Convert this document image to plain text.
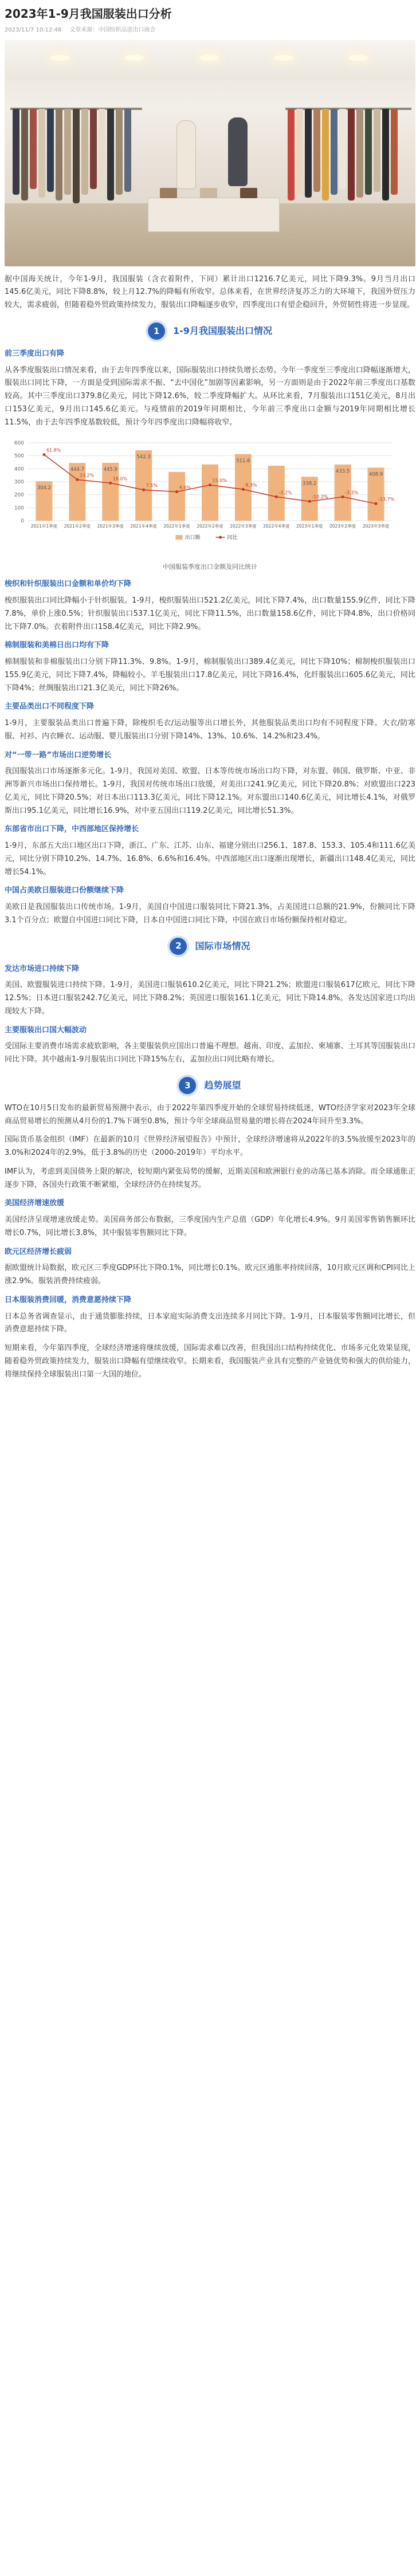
2023年1-9月我国服装出口分析
2023/11/7 10:12:48 文章来源：中国纺织品进出口商会

据中国海关统计，今年1-9月，我国服装（含衣着附件，下同）累计出口1216.7亿美元，同比下降9.3%。9月当月出口145.6亿美元，同比下降8.8%，较上月12.7%的降幅有所收窄。总体来看，在世界经济复苏乏力的大环境下，我国外贸压力较大，需求疲弱，但随着稳外贸政策持续发力，服装出口降幅逐步收窄，四季度出口有望企稳回升，外贸韧性将进一步显现。

1	1-9月我国服装出口情况
前三季度出口有降

从各季度服装出口情况来看，由于去年四季度以来，国际服装出口持续负增长态势。今年一季度至三季度出口降幅逐渐增大，服装出口同比下降，一方面是受到国际需求不振、“去中国化”加剧等因素影响，另一方面则是由于2022年前三季度出口基数较高。其中三季度出口379.8亿美元，同比下降12.6%，较二季度降幅扩大。从环比来看，7月服装出口151亿美元，8月出口153亿美元，9月出口145.6亿美元。与疫情前的2019年同期相比，今年前三季度出口金额与2019年同期相比增长11.5%，由于去年四季度基数较低，预计今年四季度出口降幅将收窄。

0
100
200
300
400
500
600
304.2
2021年1季度
444.7
2021年2季度
445.9
2021年3季度
542.3
2021年4季度 2022年1季度 2022年2季度
511.6
2022年3季度 2022年4季度
338.2
2023年1季度
433.5
2023年2季度
408.9
2023年3季度
61.8%
23.2%
18.0%
7.5%	4.6%
15.0%
8.3%
-3.2%
-10.2%
-3.3%
-13.7%
出口额	同比
中国服装季度出口金额及同比统计
梭织和针织服装出口金额和单价均下降

梭织服装出口同比降幅小于针织服装。1-9月，梭织服装出口521.2亿美元，同比下降7.4%，出口数量155.9亿件，同比下降7.8%，单价上涨0.5%；针织服装出口537.1亿美元，同比下降11.5%，出口数量158.6亿件，同比下降4.8%，出口价格同比下降7.0%。衣着附件出口158.4亿美元，同比下降2.9%。

棉制服装和美棉日出口均有下降

棉制服装和非棉服装出口分别下降11.3%、9.8%。1-9月，棉制服装出口389.4亿美元，同比下降10%；棉制梭织服装出口155.9亿美元，同比下降7.4%，降幅较小。羊毛服装出口17.8亿美元，同比下降16.4%，化纤服装出口605.6亿美元，同比下降4%；丝绸服装出口21.3亿美元，同比下降26%。

主要品类出口不同程度下降

1-9月，主要服装品类出口普遍下降，除梭织毛衣/运动服等出口增长外，其他服装品类出口均有不同程度下降。大衣/防寒服、衬衫、内衣睡衣、运动服、婴儿服装出口分别下降14%、13%、10.6%、14.2%和23.4%。

对“一带一路”市场出口逆势增长

我国服装出口市场逐渐多元化。1-9月，我国对美国、欧盟、日本等传统市场出口均下降，对东盟、韩国、俄罗斯、中亚、非洲等新兴市场出口保持增长。1-9月，我国对传统市场出口放缓，对美出口241.9亿美元，同比下降20.8%；对欧盟出口223亿美元，同比下降20.5%；对日本出口113.3亿美元，同比下降12.1%。对东盟出口140.6亿美元，同比增长4.1%，对俄罗斯出口95.1亿美元，同比增长16.9%，对中亚五国出口119.2亿美元，同比增长51.3%。

东部省市出口下降，中西部地区保持增长

1-9月，东部五大出口地区出口下降，浙江、广东、江苏、山东、福建分别出口256.1、187.8、153.3、105.4和111.6亿美元，同比分别下降10.2%、14.7%、16.8%、6.6%和16.4%。中西部地区出口逐渐出现增长，新疆出口148.4亿美元，同比增长54.1%。

中国占美欧日服装进口份额继续下降

美欧日是我国服装出口传统市场。1-9月，美国自中国进口服装同比下降21.3%，占美国进口总额的21.9%，份额同比下降3.1个百分点；欧盟自中国进口同比下降，日本自中国进口同比下降，中国在欧日市场份额保持相对稳定。

2	国际市场情况
发达市场进口持续下降

美国、欧盟服装进口持续下降。1-9月，美国进口服装610.2亿美元，同比下降21.2%；欧盟进口服装617亿欧元，同比下降12.5%；日本进口服装242.7亿美元，同比下降8.2%；英国进口服装161.1亿美元，同比下降14.8%。各发达国家进口均出现较大下降。

主要服装出口国大幅波动

受国际主要消费市场需求疲软影响，各主要服装供应国出口普遍不理想。越南、印度、孟加拉、柬埔寨、土耳其等国服装出口同比下降。其中越南1-9月服装出口同比下降15%左右，孟加拉出口同比略有增长。

3	趋势展望

WTO在10月5日发布的最新贸易预测中表示，由于2022年第四季度开始的全球贸易持续低迷，WTO经济学家对2023年全球商品贸易增长的预测从4月份的1.7%下调至0.8%，预计今年全球商品贸易量的增长将在2024年回升至3.3%。

国际货币基金组织（IMF）在最新的10月《世界经济展望报告》中预计，全球经济增速将从2022年的3.5%放缓至2023年的3.0%和2024年的2.9%，低于3.8%的历史（2000-2019年）平均水平。

IMF认为，考虑到美国债务上限的解决，较短期内紧张局势的缓解，近期美国和欧洲银行业的动荡已基本消除。而全球通胀正逐步下降，各国央行政策不断紧缩，全球经济仍在持续复苏。

美国经济增速放缓

美国经济呈现增速放缓走势。美国商务部公布数据，三季度国内生产总值（GDP）年化增长4.9%。9月美国零售销售额环比增长0.7%，同比增长3.8%，其中服装零售额同比下降。

欧元区经济增长疲弱

据欧盟统计局数据，欧元区三季度GDP环比下降0.1%，同比增长0.1%。欧元区通胀率持续回落，10月欧元区调和CPI同比上涨2.9%。服装消费持续疲弱。

日本服装消费回暖，消费意愿持续下降

日本总务省调查显示，由于通货膨胀持续，日本家庭实际消费支出连续多月同比下降。1-9月，日本服装零售额同比增长，但消费意愿持续下降。

短期来看，今年第四季度，全球经济增速将继续放缓，国际需求难以改善，但我国出口结构持续优化、市场多元化效果显现，随着稳外贸政策持续发力，服装出口降幅有望继续收窄。长期来看，我国服装产业具有完整的产业链优势和强大的供给能力，将继续保持全球服装出口第一大国的地位。
